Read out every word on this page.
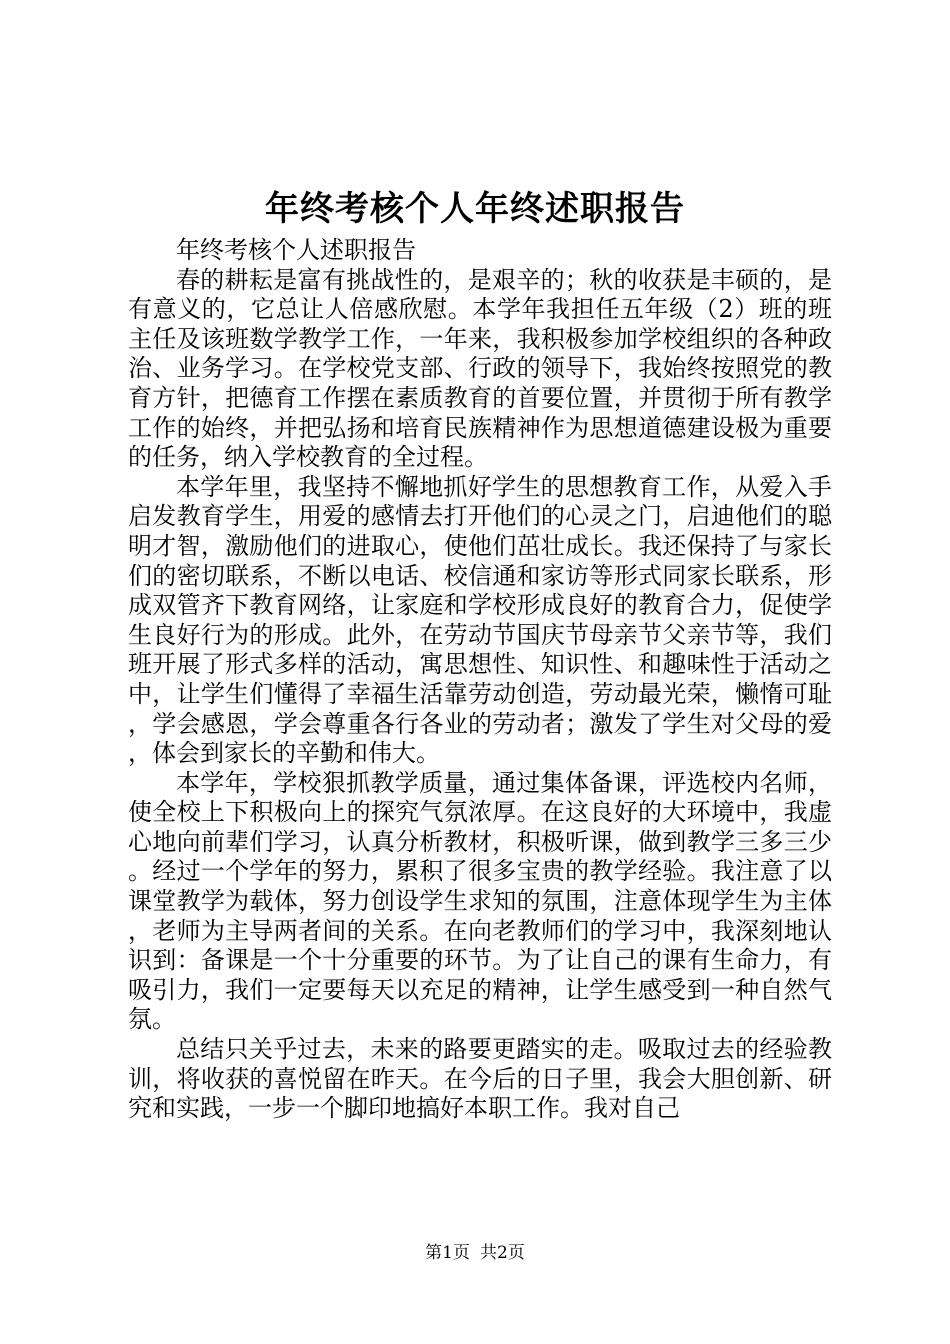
年终考核个人年终述职报告

年终考核个人述职报告

春的耕耘是富有挑战性的，是艰辛的；秋的收获是丰硕的，是有意义的，它总让人倍感欣慰。本学年我担任五年级（2）班的班主任及该班数学教学工作，一年来，我积极参加学校组织的各种政治、业务学习。在学校党支部、行政的领导下，我始终按照党的教育方针，把德育工作摆在素质教育的首要位置，并贯彻于所有教学工作的始终，并把弘扬和培育民族精神作为思想道德建设极为重要的任务，纳入学校教育的全过程。

本学年里，我坚持不懈地抓好学生的思想教育工作，从爱入手启发教育学生，用爱的感情去打开他们的心灵之门，启迪他们的聪明才智，激励他们的进取心，使他们茁壮成长。我还保持了与家长们的密切联系，不断以电话、校信通和家访等形式同家长联系，形成双管齐下教育网络，让家庭和学校形成良好的教育合力，促使学生良好行为的形成。此外，在劳动节国庆节母亲节父亲节等，我们班开展了形式多样的活动，寓思想性、知识性、和趣味性于活动之中，让学生们懂得了幸福生活靠劳动创造，劳动最光荣，懒惰可耻，学会感恩，学会尊重各行各业的劳动者；激发了学生对父母的爱，体会到家长的辛勤和伟大。

本学年，学校狠抓教学质量，通过集体备课，评选校内名师，使全校上下积极向上的探究气氛浓厚。在这良好的大环境中，我虚心地向前辈们学习，认真分析教材，积极听课，做到教学三多三少。经过一个学年的努力，累积了很多宝贵的教学经验。我注意了以课堂教学为载体，努力创设学生求知的氛围，注意体现学生为主体，老师为主导两者间的关系。在向老教师们的学习中，我深刻地认识到：备课是一个十分重要的环节。为了让自己的课有生命力，有吸引力，我们一定要每天以充足的精神，让学生感受到一种自然气氛。

总结只关乎过去，未来的路要更踏实的走。吸取过去的经验教训，将收获的喜悦留在昨天。在今后的日子里，我会大胆创新、研究和实践，一步一个脚印地搞好本职工作。我对自己

第1页 共2页
